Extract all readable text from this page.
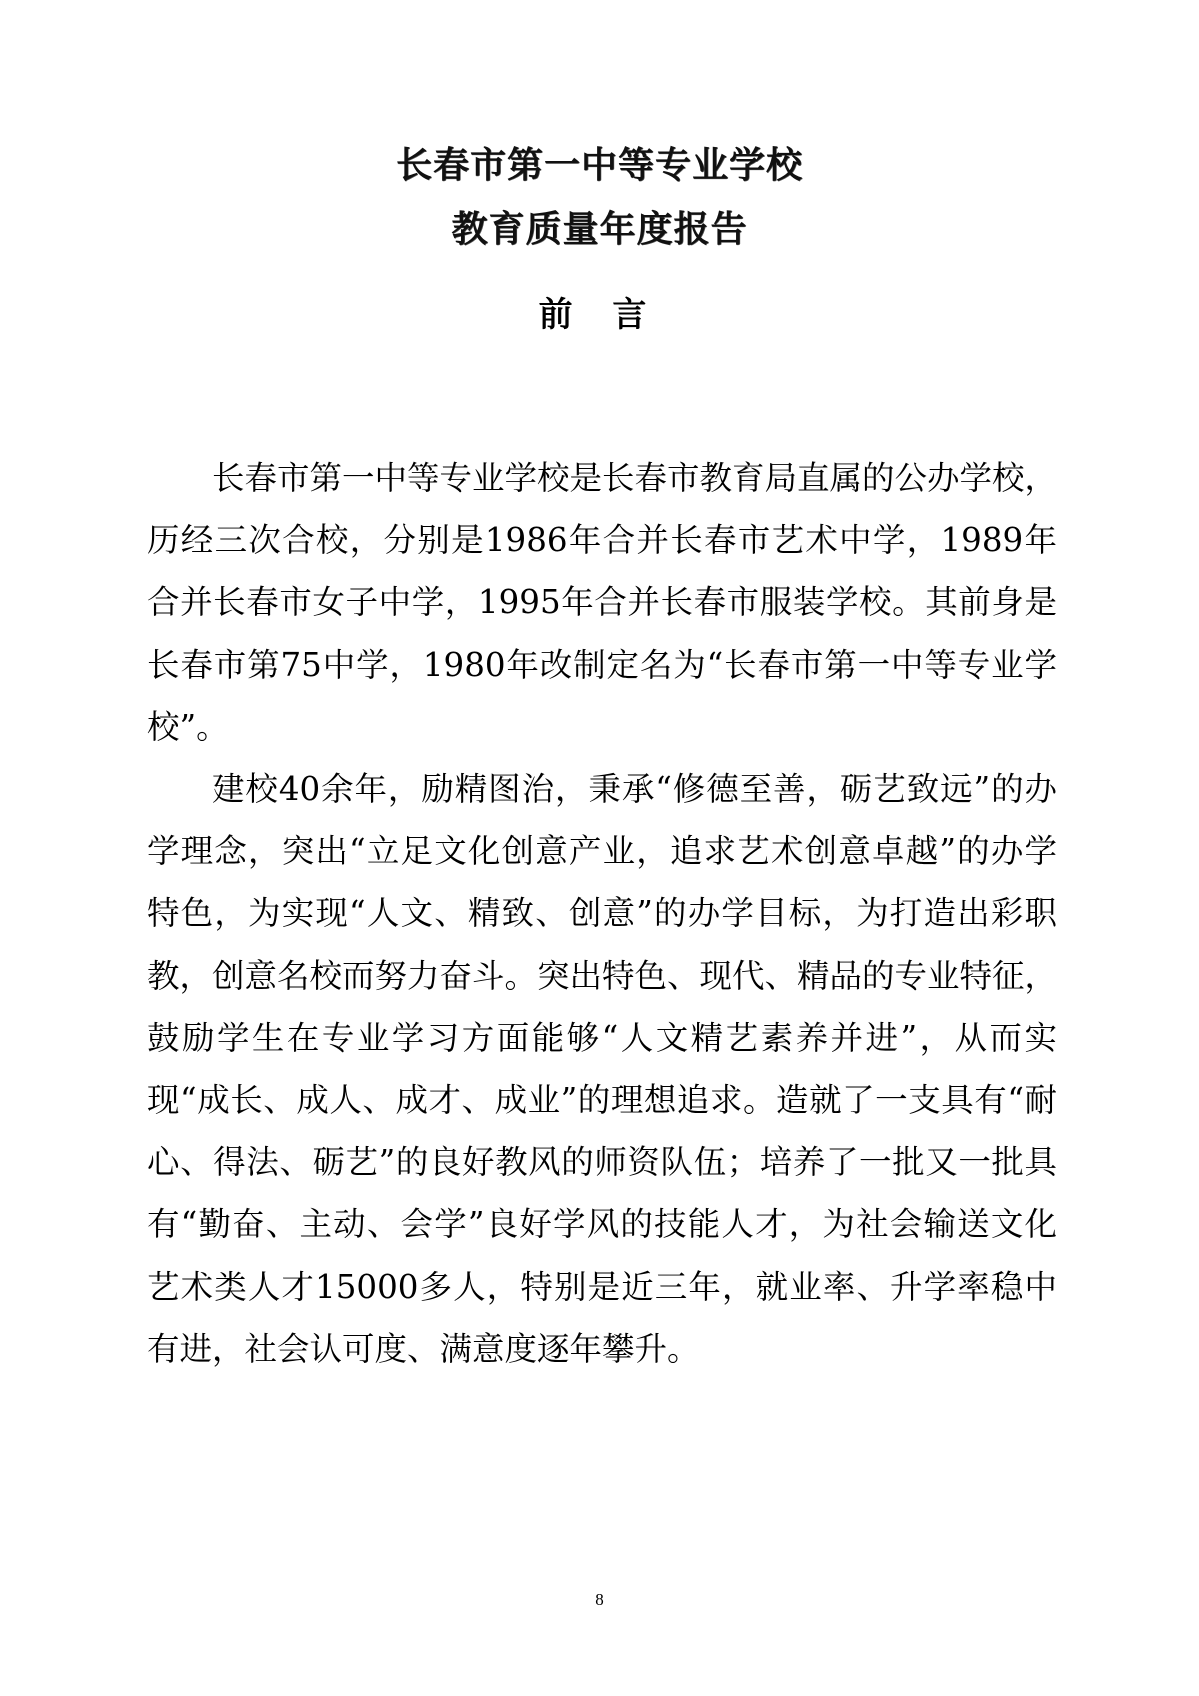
长春市第一中等专业学校
教育质量年度报告
前 言

长春市第一中等专业学校是长春市教育局直属的公办学校，历经三次合校，分别是1986年合并长春市艺术中学，1989年合并长春市女子中学，1995年合并长春市服装学校。其前身是长春市第75中学，1980年改制定名为“长春市第一中等专业学校”。

建校40余年，励精图治，秉承“修德至善，砺艺致远”的办学理念，突出“立足文化创意产业，追求艺术创意卓越”的办学特色，为实现“人文、精致、创意”的办学目标，为打造出彩职教，创意名校而努力奋斗。突出特色、现代、精品的专业特征，鼓励学生在专业学习方面能够“人文精艺素养并进”，从而实现“成长、成人、成才、成业”的理想追求。造就了一支具有“耐心、得法、砺艺”的良好教风的师资队伍；培养了一批又一批具有“勤奋、主动、会学”良好学风的技能人才，为社会输送文化艺术类人才15000多人，特别是近三年，就业率、升学率稳中有进，社会认可度、满意度逐年攀升。

8
